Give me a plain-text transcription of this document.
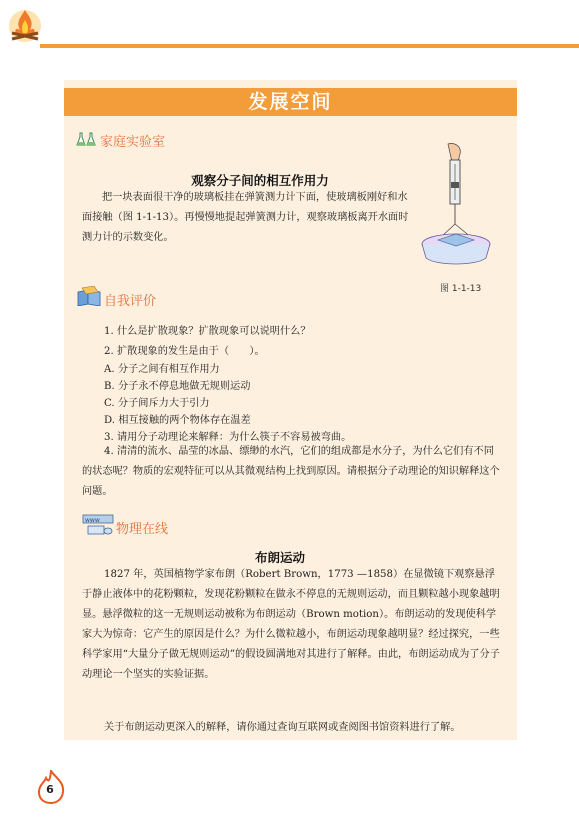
发展空间
家庭实验室
观察分子间的相互作用力
把一块表面很干净的玻璃板挂在弹簧测力计下面，使玻璃板刚好和水面接触（图 1-1-13）。再慢慢地提起弹簧测力计，观察玻璃板离开水面时测力计的示数变化。
图 1-1-13
自我评价
1. 什么是扩散现象？扩散现象可以说明什么？
2. 扩散现象的发生是由于（　　）。
A. 分子之间有相互作用力
B. 分子永不停息地做无规则运动
C. 分子间斥力大于引力
D. 相互接触的两个物体存在温差
3. 请用分子动理论来解释：为什么筷子不容易被弯曲。
4. 清清的流水、晶莹的冰晶、缥缈的水汽，它们的组成都是水分子，为什么它们有不同的状态呢？物质的宏观特征可以从其微观结构上找到原因。请根据分子动理论的知识解释这个问题。
www
物理在线
布朗运动
1827 年，英国植物学家布朗（Robert Brown，1773 —1858）在显微镜下观察悬浮于静止液体中的花粉颗粒，发现花粉颗粒在做永不停息的无规则运动，而且颗粒越小现象越明显。悬浮微粒的这一无规则运动被称为布朗运动（Brown motion）。布朗运动的发现使科学家大为惊奇：它产生的原因是什么？为什么微粒越小，布朗运动现象越明显？经过探究，一些科学家用“大量分子做无规则运动”的假设圆满地对其进行了解释。由此，布朗运动成为了分子动理论一个坚实的实验证据。
关于布朗运动更深入的解释，请你通过查询互联网或查阅图书馆资料进行了解。
6
